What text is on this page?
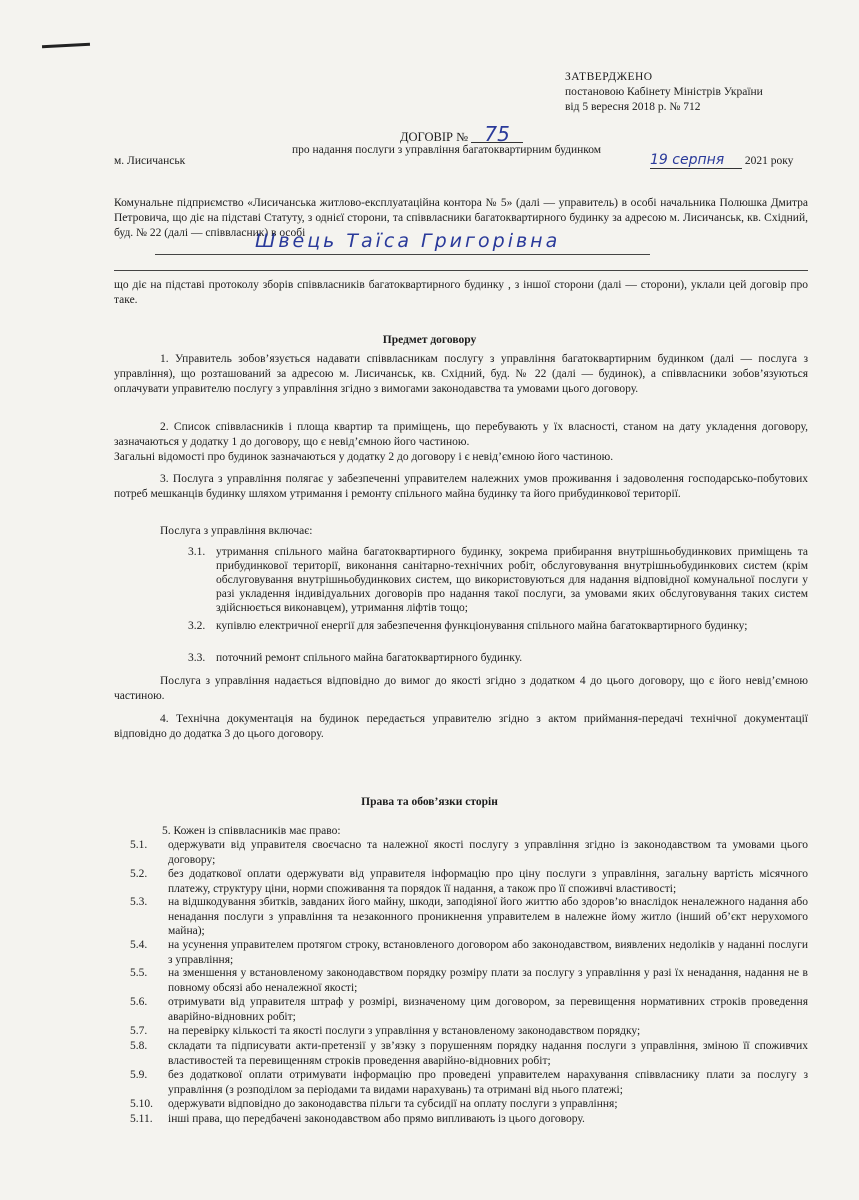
ЗАТВЕРДЖЕНО
постановою Кабінету Міністрів України
від 5 вересня 2018 р. № 712
ДОГОВІР № 75
про надання послуги з управління багатоквартирним будинком
м. Лисичанськ	19 серпня 2021 року

Комунальне підприємство «Лисичанська житлово-експлуатаційна контора № 5» (далі — управитель) в особі начальника Полюшка Дмитра Петровича, що діє на підставі Статуту, з однієї сторони, та співвласники багатоквартирного будинку за адресою м. Лисичанськ, кв. Східний, буд. № 22 (далі — співвласник) в особі

Швець Таїса Григорівна

що діє на підставі протоколу зборів співвласників багатоквартирного будинку , з іншої сторони (далі — сторони), уклали цей договір про таке.

Предмет договору

1. Управитель зобов’язується надавати співвласникам послугу з управління багатоквартирним будинком (далі — послуга з управління), що розташований за адресою м. Лисичанськ, кв. Східний, буд. № 22 (далі — будинок), а співвласники зобов’язуються оплачувати управителю послугу з управління згідно з вимогами законодавства та умовами цього договору.

2. Список співвласників і площа квартир та приміщень, що перебувають у їх власності, станом на дату укладення договору, зазначаються у додатку 1 до договору, що є невід’ємною його частиною.

Загальні відомості про будинок зазначаються у додатку 2 до договору і є невід’ємною його частиною.

3. Послуга з управління полягає у забезпеченні управителем належних умов проживання і задоволення господарсько-побутових потреб мешканців будинку шляхом утримання і ремонту спільного майна будинку та його прибудинкової території.

Послуга з управління включає:

3.1. утримання спільного майна багатоквартирного будинку, зокрема прибирання внутрішньобудинкових приміщень та прибудинкової території, виконання санітарно-технічних робіт, обслуговування внутрішньобудинкових систем (крім обслуговування внутрішньобудинкових систем, що використовуються для надання відповідної комунальної послуги у разі укладення індивідуальних договорів про надання такої послуги, за умовами яких обслуговування таких систем здійснюється виконавцем), утримання ліфтів тощо;
3.2. купівлю електричної енергії для забезпечення функціонування спільного майна багатоквартирного будинку;
3.3. поточний ремонт спільного майна багатоквартирного будинку.

Послуга з управління надається відповідно до вимог до якості згідно з додатком 4 до цього договору, що є його невід’ємною частиною.

4. Технічна документація на будинок передається управителю згідно з актом приймання-передачі технічної документації відповідно до додатка 3 до цього договору.

Права та обов’язки сторін

5. Кожен із співвласників має право:

5.1. одержувати від управителя своєчасно та належної якості послугу з управління згідно із законодавством та умовами цього договору;
5.2. без додаткової оплати одержувати від управителя інформацію про ціну послуги з управління, загальну вартість місячного платежу, структуру ціни, норми споживання та порядок її надання, а також про її споживчі властивості;
5.3. на відшкодування збитків, завданих його майну, шкоди, заподіяної його життю або здоров’ю внаслідок неналежного надання або ненадання послуги з управління та незаконного проникнення управителем в належне йому житло (інший об’єкт нерухомого майна);
5.4. на усунення управителем протягом строку, встановленого договором або законодавством, виявлених недоліків у наданні послуги з управління;
5.5. на зменшення у встановленому законодавством порядку розміру плати за послугу з управління у разі їх ненадання, надання не в повному обсязі або неналежної якості;
5.6. отримувати від управителя штраф у розмірі, визначеному цим договором, за перевищення нормативних строків проведення аварійно-відновних робіт;
5.7. на перевірку кількості та якості послуги з управління у встановленому законодавством порядку;
5.8. складати та підписувати акти-претензії у зв’язку з порушенням порядку надання послуги з управління, зміною її споживчих властивостей та перевищенням строків проведення аварійно-відновних робіт;
5.9. без додаткової оплати отримувати інформацію про проведені управителем нарахування співвласнику плати за послугу з управління (з розподілом за періодами та видами нарахувань) та отримані від нього платежі;
5.10. одержувати відповідно до законодавства пільги та субсидії на оплату послуги з управління;
5.11. інші права, що передбачені законодавством або прямо випливають із цього договору.
